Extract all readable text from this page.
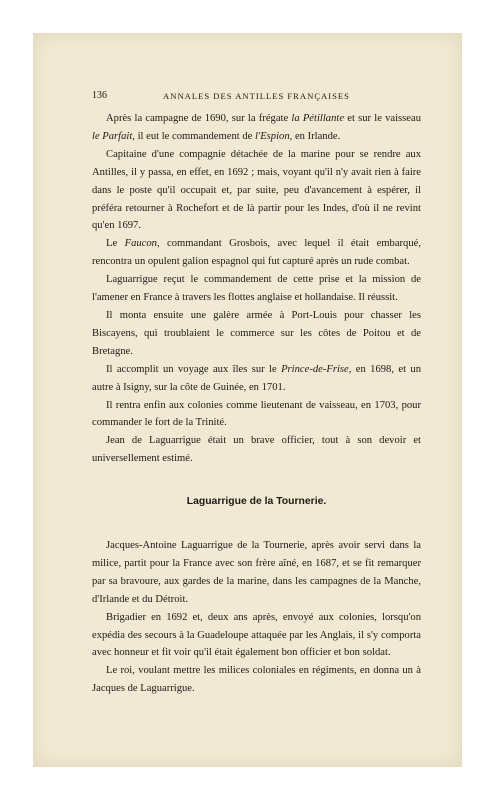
136	ANNALES DES ANTILLES FRANÇAISES

Après la campagne de 1690, sur la frégate la Pétillante et sur le vaisseau le Parfait, il eut le commandement de l'Espion, en Irlande.

Capitaine d'une compagnie détachée de la marine pour se rendre aux Antilles, il y passa, en effet, en 1692 ; mais, voyant qu'il n'y avait rien à faire dans le poste qu'il occupait et, par suite, peu d'avancement à espérer, il préféra retourner à Rochefort et de là partir pour les Indes, d'où il ne revint qu'en 1697.

Le Faucon, commandant Grosbois, avec lequel il était embarqué, rencontra un opulent galion espagnol qui fut capturé après un rude combat.

Laguarrigue reçut le commandement de cette prise et la mission de l'amener en France à travers les flottes anglaise et hollandaise. Il réussit.

Il monta ensuite une galère armée à Port-Louis pour chasser les Biscayens, qui troublaient le commerce sur les côtes de Poitou et de Bretagne.

Il accomplit un voyage aux îles sur le Prince-de-Frise, en 1698, et un autre à Isigny, sur la côte de Guinée, en 1701.

Il rentra enfin aux colonies comme lieutenant de vaisseau, en 1703, pour commander le fort de la Trinité.

Jean de Laguarrigue était un brave officier, tout à son devoir et universellement estimé.

Laguarrigue de la Tournerie.

Jacques-Antoine Laguarrigue de la Tournerie, après avoir servi dans la milice, partit pour la France avec son frère aîné, en 1687, et se fit remarquer par sa bravoure, aux gardes de la marine, dans les campagnes de la Manche, d'Irlande et du Détroit.

Brigadier en 1692 et, deux ans après, envoyé aux colonies, lorsqu'on expédia des secours à la Guadeloupe attaquée par les Anglais, il s'y comporta avec honneur et fit voir qu'il était également bon officier et bon soldat.

Le roi, voulant mettre les milices coloniales en régiments, en donna un à Jacques de Laguarrigue.
